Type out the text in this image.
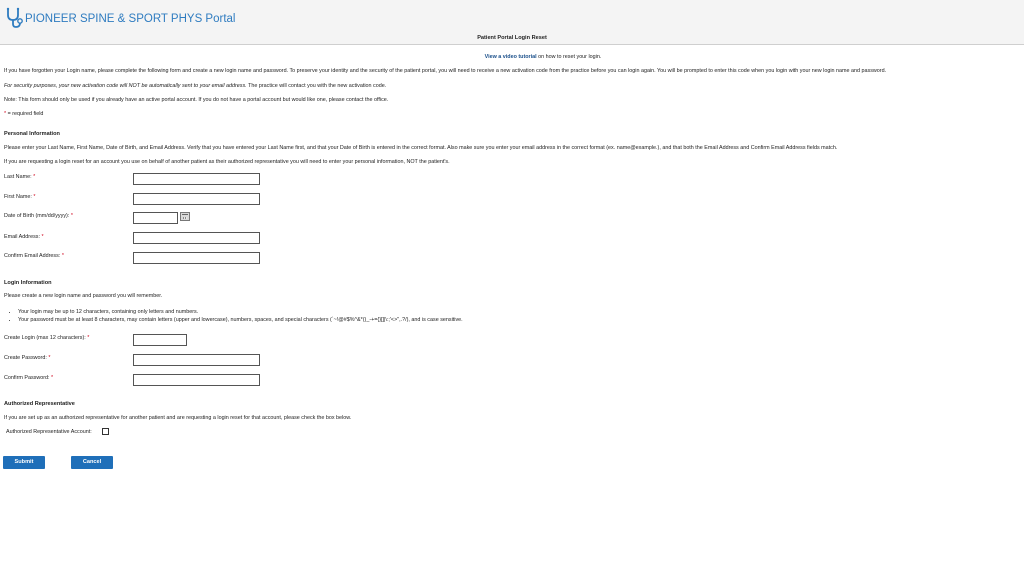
PIONEER SPINE & SPORT PHYS Portal
Patient Portal Login Reset
View a video tutorial on how to reset your login.
If you have forgotten your Login name, please complete the following form and create a new login name and password. To preserve your identity and the security of the patient portal, you will need to receive a new activation code from the practice before you can login again. You will be prompted to enter this code when you login with your new login name and password.
For security purposes, your new activation code will NOT be automatically sent to your email address. The practice will contact you with the new activation code.
Note: This form should only be used if you already have an active portal account. If you do not have a portal account but would like one, please contact the office.
* = required field
Personal Information
Please enter your Last Name, First Name, Date of Birth, and Email Address. Verify that you have entered your Last Name first, and that your Date of Birth is entered in the correct format. Also make sure you enter your email address in the correct format (ex. name@example.), and that both the Email Address and Confirm Email Address fields match.
If you are requesting a login reset for an account you use on behalf of another patient as their authorized representative you will need to enter your personal information, NOT the patient's.
Last Name: *
First Name: *
Date of Birth (mm/dd/yyyy): *
Email Address: *
Confirm Email Address: *
Login Information
Please create a new login name and password you will remember.
• Your login may be up to 12 characters, containing only letters and numbers.
• Your password must be at least 8 characters, may contain letters (upper and lowercase), numbers, spaces, and special characters (`~!@#$%^&*()_-+={}[]|\:;'<>",.?/), and is case sensitive.
Create Login (max 12 characters): *
Create Password: *
Confirm Password: *
Authorized Representative
If you are set up as an authorized representative for another patient and are requesting a login reset for that account, please check the box below.
Authorized Representative Account:
Submit	Cancel
